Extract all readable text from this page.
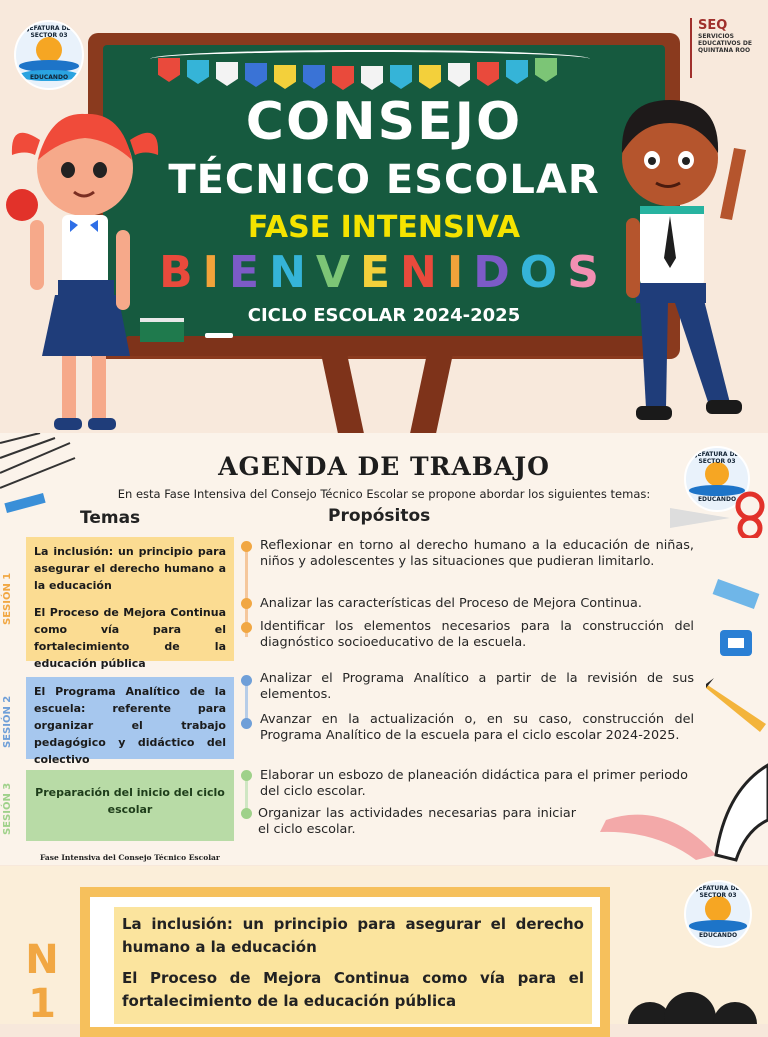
JEFATURA DE SECTOR 03
EDUCANDO
SEQ
SERVICIOS EDUCATIVOS DE QUINTANA ROO
CONSEJO
TÉCNICO ESCOLAR
FASE INTENSIVA
BIENVENIDOS
CICLO ESCOLAR 2024-2025
JEFATURA DE SECTOR 03
EDUCANDO
AGENDA DE TRABAJO
En esta Fase Intensiva del Consejo Técnico Escolar se propone abordar los siguientes temas:
Temas	Propósitos
SESIÓN 1
SESIÓN 2
SESIÓN 3
La inclusión: un principio para asegurar el derecho humano a la educación
El Proceso de Mejora Continua como vía para el fortalecimiento de la educación pública
El Programa Analítico de la escuela: referente para organizar el trabajo pedagógico y didáctico del colectivo
Preparación del inicio del ciclo escolar
Reflexionar en torno al derecho humano a la educación de niñas, niños y adolescentes y las situaciones que pudieran limitarlo.
Analizar las características del Proceso de Mejora Continua.
Identificar los elementos necesarios para la construcción del diagnóstico socioeducativo de la escuela.
Analizar el Programa Analítico a partir de la revisión de sus elementos.
Avanzar en la actualización o, en su caso, construcción del Programa Analítico de la escuela para el ciclo escolar 2024-2025.
Elaborar un esbozo de planeación didáctica para el primer periodo del ciclo escolar.
Organizar las actividades necesarias para iniciar el ciclo escolar.
Fase Intensiva del Consejo Técnico Escolar
N
1
La inclusión: un principio para asegurar el derecho humano a la educación
El Proceso de Mejora Continua como vía para el fortalecimiento de la educación pública
JEFATURA DE SECTOR 03
EDUCANDO
